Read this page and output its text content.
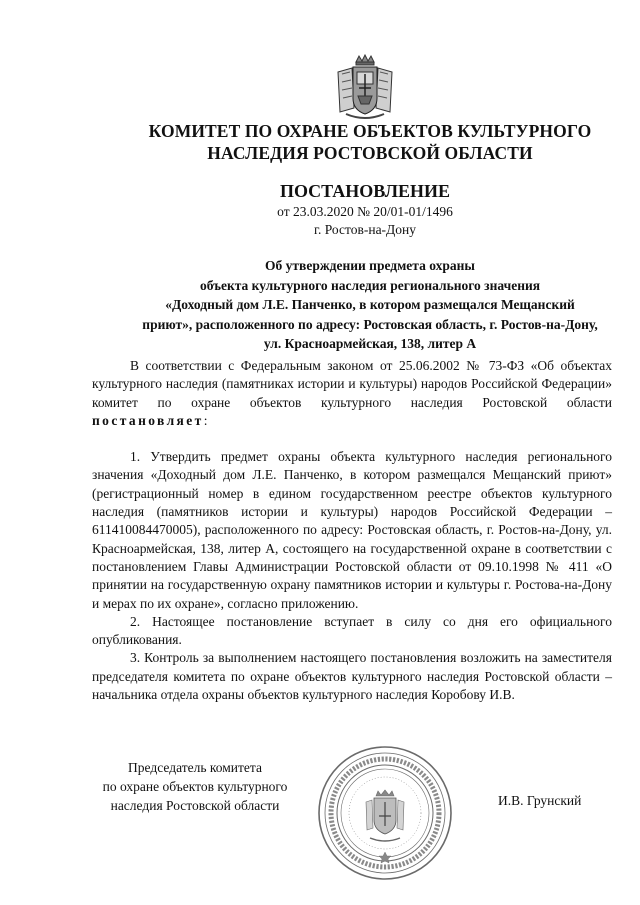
КОМИТЕТ ПО ОХРАНЕ ОБЪЕКТОВ КУЛЬТУРНОГО
НАСЛЕДИЯ РОСТОВСКОЙ ОБЛАСТИ
ПОСТАНОВЛЕНИЕ
от 23.03.2020 № 20/01-01/1496
г. Ростов-на-Дону
Об утверждении предмета охраны
объекта культурного наследия регионального значения
«Доходный дом Л.Е. Панченко, в котором размещался Мещанский
приют», расположенного по адресу: Ростовская область, г. Ростов-на-Дону,
ул. Красноармейская, 138, литер А

В соответствии с Федеральным законом от 25.06.2002 № 73-ФЗ «Об объектах культурного наследия (памятниках истории и культуры) народов Российской Федерации» комитет по охране объектов культурного наследия Ростовской области постановляет:

1. Утвердить предмет охраны объекта культурного наследия регионального значения «Доходный дом Л.Е. Панченко, в котором размещался Мещанский приют» (регистрационный номер в едином государственном реестре объектов культурного наследия (памятников истории и культуры) народов Российской Федерации – 611410084470005), расположенного по адресу: Ростовская область, г. Ростов-на-Дону, ул. Красноармейская, 138, литер А, состоящего на государственной охране в соответствии с постановлением Главы Администрации Ростовской области от 09.10.1998 № 411 «О принятии на государственную охрану памятников истории и культуры г. Ростова-на-Дону и мерах по их охране», согласно приложению.

2. Настоящее постановление вступает в силу со дня его официального опубликования.

3. Контроль за выполнением настоящего постановления возложить на заместителя председателя комитета по охране объектов культурного наследия Ростовской области – начальника отдела охраны объектов культурного наследия Коробову И.В.

Председатель комитета
по охране объектов культурного
наследия Ростовской области	И.В. Грунский
